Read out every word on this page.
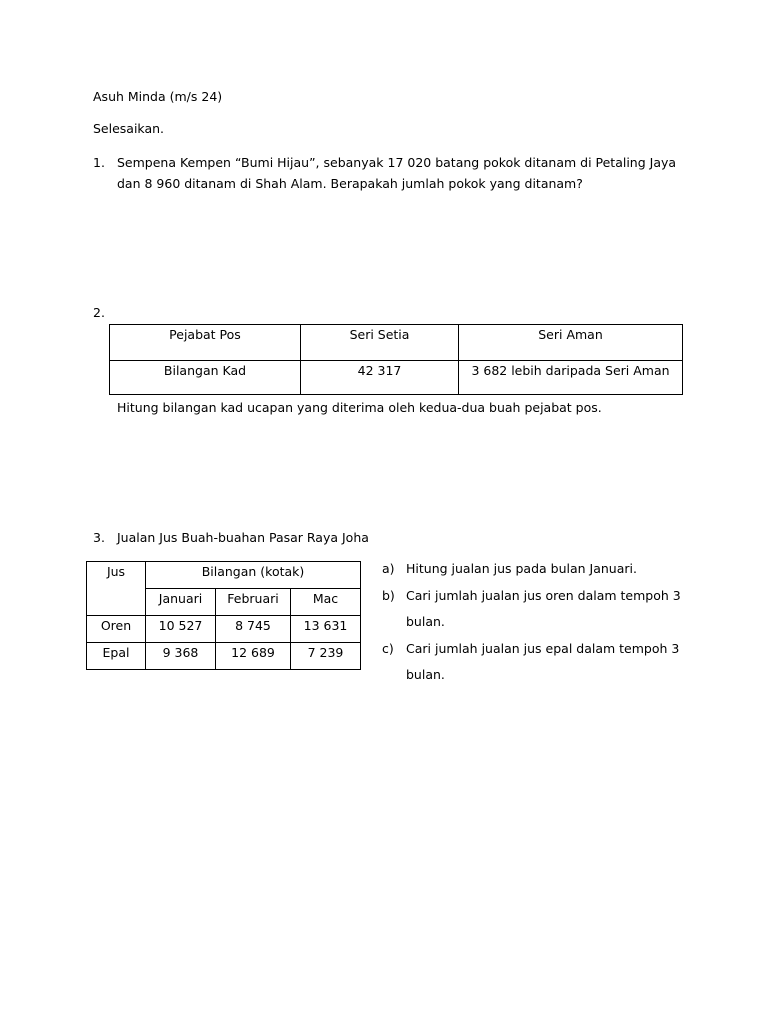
Asuh Minda (m/s 24)
Selesaikan.
1. Sempena Kempen “Bumi Hijau”, sebanyak 17 020 batang pokok ditanam di Petaling Jaya
dan 8 960 ditanam di Shah Alam. Berapakah jumlah pokok yang ditanam?
2.
Pejabat Pos	Seri Setia	Seri Aman
Bilangan Kad	42 317	3 682 lebih daripada Seri Aman
Hitung bilangan kad ucapan yang diterima oleh kedua-dua buah pejabat pos.
3. Jualan Jus Buah-buahan Pasar Raya Joha
Jus	Bilangan (kotak)		
	Januari	Februari	Mac
Oren	10 527	8 745	13 631
Epal	9 368	12 689	7 239
a) Hitung jualan jus pada bulan Januari.
b) Cari jumlah jualan jus oren dalam tempoh 3
bulan.
c) Cari jumlah jualan jus epal dalam tempoh 3
bulan.
